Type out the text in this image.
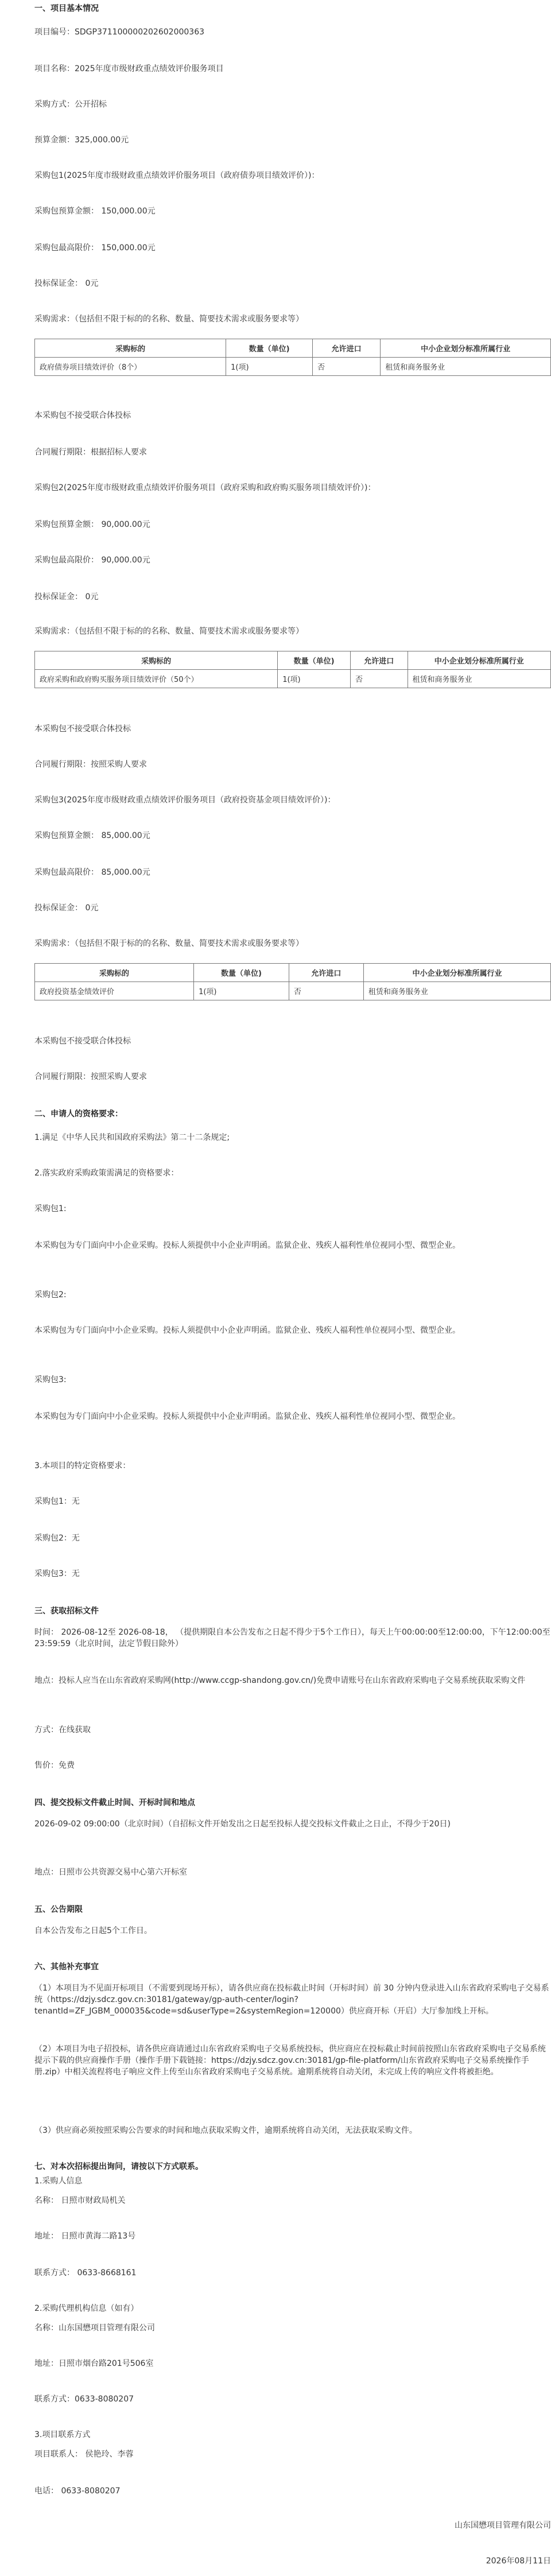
一、项目基本情况

项目编号：SDGP371100000202602000363

项目名称：2025年度市级财政重点绩效评价服务项目

采购方式：公开招标

预算金额：325,000.00元

采购包1(2025年度市级财政重点绩效评价服务项目（政府债券项目绩效评价）)：

采购包预算金额： 150,000.00元

采购包最高限价： 150,000.00元

投标保证金： 0元

采购需求：（包括但不限于标的的名称、数量、简要技术需求或服务要求等）

采购标的	数量（单位)	允许进口	中小企业划分标准所属行业
政府债券项目绩效评价（8个）	1(项)	否	租赁和商务服务业

本采购包不接受联合体投标

合同履行期限：根据招标人要求

采购包2(2025年度市级财政重点绩效评价服务项目（政府采购和政府购买服务项目绩效评价）)：

采购包预算金额： 90,000.00元

采购包最高限价： 90,000.00元

投标保证金： 0元

采购需求：（包括但不限于标的的名称、数量、简要技术需求或服务要求等）

采购标的	数量（单位)	允许进口	中小企业划分标准所属行业
政府采购和政府购买服务项目绩效评价（50个）	1(项)	否	租赁和商务服务业

本采购包不接受联合体投标

合同履行期限：按照采购人要求

采购包3(2025年度市级财政重点绩效评价服务项目（政府投资基金项目绩效评价）)：

采购包预算金额： 85,000.00元

采购包最高限价： 85,000.00元

投标保证金： 0元

采购需求：（包括但不限于标的的名称、数量、简要技术需求或服务要求等）

采购标的	数量（单位)	允许进口	中小企业划分标准所属行业
政府投资基金绩效评价	1(项)	否	租赁和商务服务业

本采购包不接受联合体投标

合同履行期限：按照采购人要求

二、申请人的资格要求：

1.满足《中华人民共和国政府采购法》第二十二条规定;

2.落实政府采购政策需满足的资格要求：

采购包1:

本采购包为专门面向中小企业采购。投标人须提供中小企业声明函。监狱企业、残疾人福利性单位视同小型、微型企业。

采购包2:

本采购包为专门面向中小企业采购。投标人须提供中小企业声明函。监狱企业、残疾人福利性单位视同小型、微型企业。

采购包3:

本采购包为专门面向中小企业采购。投标人须提供中小企业声明函。监狱企业、残疾人福利性单位视同小型、微型企业。

3.本项目的特定资格要求：

采购包1：无

采购包2：无

采购包3：无

三、获取招标文件

时间： 2026-08-12至 2026-08-18， （提供期限自本公告发布之日起不得少于5个工作日），每天上午00:00:00至12:00:00，下午12:00:00至23:59:59（北京时间，法定节假日除外）

地点：投标人应当在山东省政府采购网(http://www.ccgp-shandong.gov.cn/)免费申请账号在山东省政府采购电子交易系统获取采购文件

方式：在线获取

售价：免费

四、提交投标文件截止时间、开标时间和地点

2026-09-02 09:00:00（北京时间）（自招标文件开始发出之日起至投标人提交投标文件截止之日止，不得少于20日)

地点：日照市公共资源交易中心第六开标室

五、公告期限

自本公告发布之日起5个工作日。

六、其他补充事宜

（1）本项目为不见面开标项目（不需要到现场开标），请各供应商在投标截止时间（开标时间）前 30 分钟内登录进入山东省政府采购电子交易系统（https://dzjy.sdcz.gov.cn:30181/gateway/gp-auth-center/login?tenantId=ZF_JGBM_000035&code=sd&userType=2&systemRegion=120000）供应商开标（开启）大厅参加线上开标。

（2）本项目为电子招投标，请各供应商请通过山东省政府采购电子交易系统投标，供应商应在投标截止时间前按照山东省政府采购电子交易系统提示下载的供应商操作手册（操作手册下载链接：https://dzjy.sdcz.gov.cn:30181/gp-file-platform/山东省政府采购电子交易系统操作手册.zip）中相关流程将电子响应文件上传至山东省政府采购电子交易系统。逾期系统将自动关闭，未完成上传的响应文件将被拒绝。

（3）供应商必须按照采购公告要求的时间和地点获取采购文件，逾期系统将自动关闭，无法获取采购文件。

七、对本次招标提出询问，请按以下方式联系。

1.采购人信息

名称： 日照市财政局机关

地址： 日照市黄海二路13号

联系方式： 0633-8668161

2.采购代理机构信息（如有）

名称：山东国懋项目管理有限公司

地址：日照市烟台路201号506室

联系方式：0633-8080207

3.项目联系方式

项目联系人： 侯艳玲、李蓉

电话： 0633-8080207

山东国懋项目管理有限公司

2026年08月11日
